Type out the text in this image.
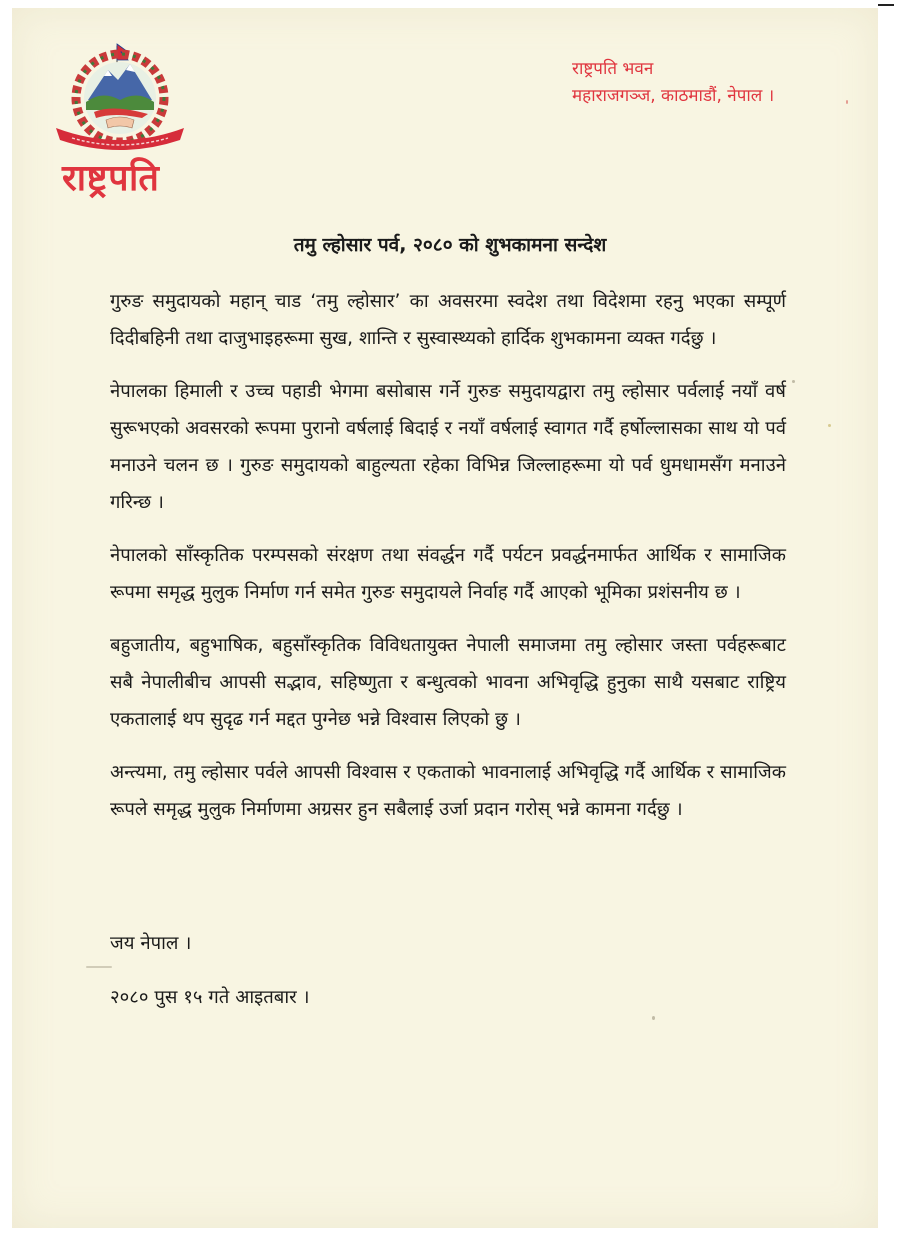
राष्ट्रपति
राष्ट्रपति भवन
महाराजगञ्ज, काठमाडौं, नेपाल ।
तमु ल्होसार पर्व, २०८० को शुभकामना सन्देश

गुरुङ समुदायको महान् चाड ‘तमु ल्होसार’ का अवसरमा स्वदेश तथा विदेशमा रहनु भएका सम्पूर्ण दिदीबहिनी तथा दाजुभाइहरूमा सुख, शान्ति र सुस्वास्थ्यको हार्दिक शुभकामना व्यक्त गर्दछु ।

नेपालका हिमाली र उच्च पहाडी भेगमा बसोबास गर्ने गुरुङ समुदायद्वारा तमु ल्होसार पर्वलाई नयाँ वर्ष सुरूभएको अवसरको रूपमा पुरानो वर्षलाई बिदाई र नयाँ वर्षलाई स्वागत गर्दै हर्षोल्लासका साथ यो पर्व मनाउने चलन छ । गुरुङ समुदायको बाहुल्यता रहेका विभिन्न जिल्लाहरूमा यो पर्व धुमधामसँग मनाउने गरिन्छ ।

नेपालको साँस्कृतिक परम्पसको संरक्षण तथा संवर्द्धन गर्दै पर्यटन प्रवर्द्धनमार्फत आर्थिक र सामाजिक रूपमा समृद्ध मुलुक निर्माण गर्न समेत गुरुङ समुदायले निर्वाह गर्दै आएको भूमिका प्रशंसनीय छ ।

बहुजातीय, बहुभाषिक, बहुसाँस्कृतिक विविधतायुक्त नेपाली समाजमा तमु ल्होसार जस्ता पर्वहरूबाट सबै नेपालीबीच आपसी सद्भाव, सहिष्णुता र बन्धुत्वको भावना अभिवृद्धि हुनुका साथै यसबाट राष्ट्रिय एकतालाई थप सुदृढ गर्न मद्दत पुग्नेछ भन्ने विश्वास लिएको छु ।

अन्त्यमा, तमु ल्होसार पर्वले आपसी विश्वास र एकताको भावनालाई अभिवृद्धि गर्दै आर्थिक र सामाजिक रूपले समृद्ध मुलुक निर्माणमा अग्रसर हुन सबैलाई उर्जा प्रदान गरोस् भन्ने कामना गर्दछु ।

जय नेपाल ।
२०८० पुस १५ गते आइतबार ।
